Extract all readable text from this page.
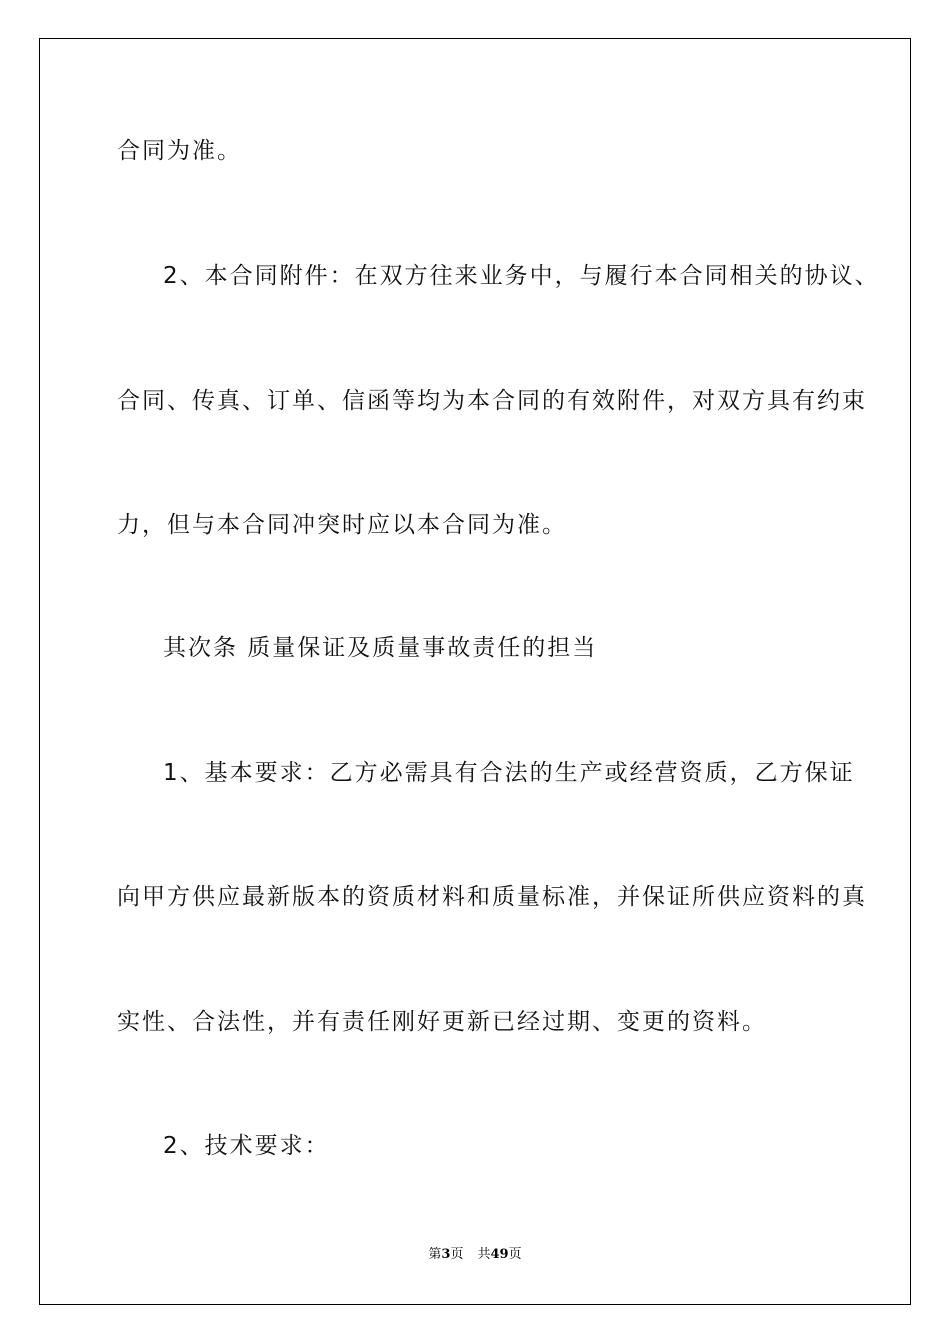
合同为准。
2、本合同附件：在双方往来业务中，与履行本合同相关的协议、
合同、传真、订单、信函等均为本合同的有效附件，对双方具有约束
力，但与本合同冲突时应以本合同为准。
其次条 质量保证及质量事故责任的担当
1、基本要求：乙方必需具有合法的生产或经营资质，乙方保证
向甲方供应最新版本的资质材料和质量标准，并保证所供应资料的真
实性、合法性，并有责任刚好更新已经过期、变更的资料。
2、技术要求：
第3页 共49页
